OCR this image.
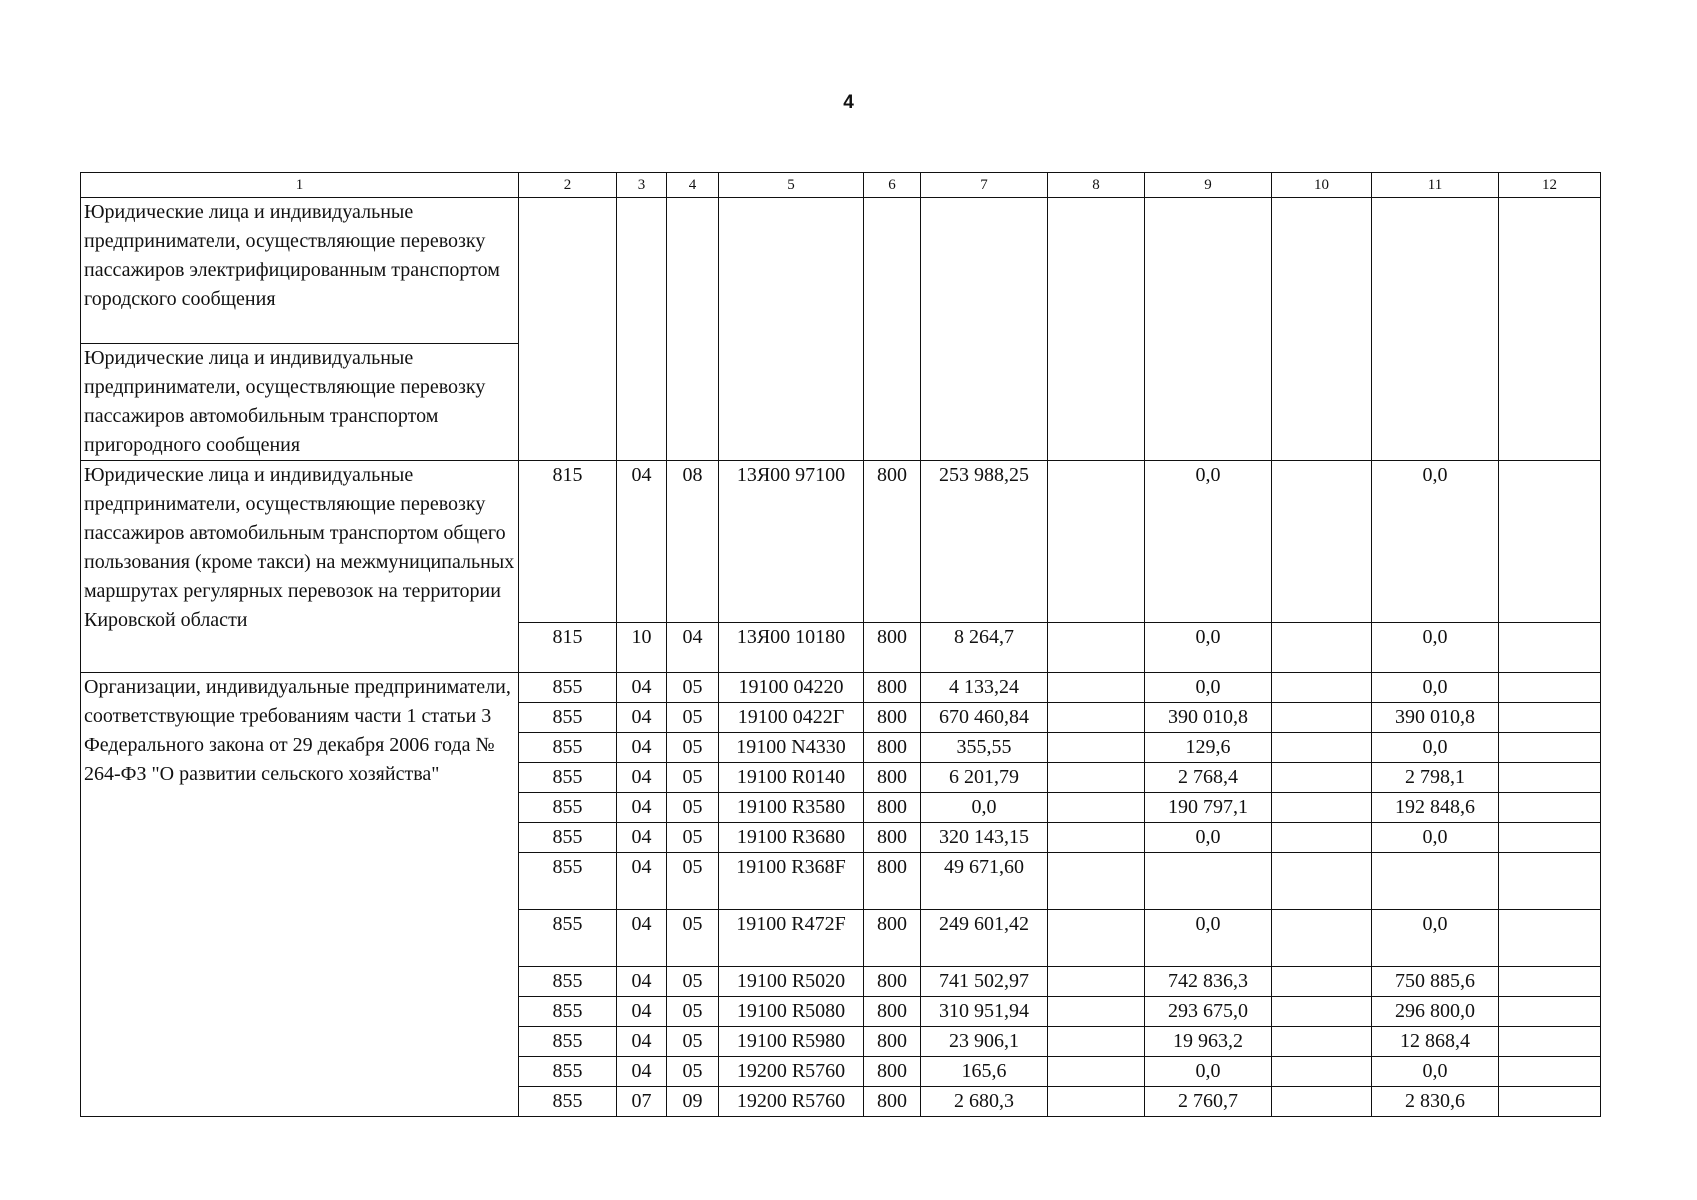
4
1	2	3	4	5	6	7	8	9	10	11	12
Юридические лица и индивидуальные предприниматели, осуществляющие перевозку пассажиров электрифицированным транспортом городского сообщения											
Юридические лица и индивидуальные предприниматели, осуществляющие перевозку пассажиров автомобильным транспортом пригородного сообщения											
Юридические лица и индивидуальные предприниматели, осуществляющие перевозку пассажиров автомобильным транспортом общего пользования (кроме такси) на межмуниципальных маршрутах регулярных перевозок на территории Кировской области	815	04	08	13Я00 97100	800	253 988,25		0,0		0,0	
	815	10	04	13Я00 10180	800	8 264,7		0,0		0,0	
Организации, индивидуальные предприниматели, соответствующие требованиям части 1 статьи 3 Федерального закона от 29 декабря 2006 года № 264-ФЗ "О развитии сельского хозяйства"	855	04	05	19100 04220	800	4 133,24		0,0		0,0	
	855	04	05	19100 0422Г	800	670 460,84		390 010,8		390 010,8	
	855	04	05	19100 N4330	800	355,55		129,6		0,0	
	855	04	05	19100 R0140	800	6 201,79		2 768,4		2 798,1	
	855	04	05	19100 R3580	800	0,0		190 797,1		192 848,6	
	855	04	05	19100 R3680	800	320 143,15		0,0		0,0	
	855	04	05	19100 R368F	800	49 671,60					
	855	04	05	19100 R472F	800	249 601,42		0,0		0,0	
	855	04	05	19100 R5020	800	741 502,97		742 836,3		750 885,6	
	855	04	05	19100 R5080	800	310 951,94		293 675,0		296 800,0	
	855	04	05	19100 R5980	800	23 906,1		19 963,2		12 868,4	
	855	04	05	19200 R5760	800	165,6		0,0		0,0	
	855	07	09	19200 R5760	800	2 680,3		2 760,7		2 830,6	
